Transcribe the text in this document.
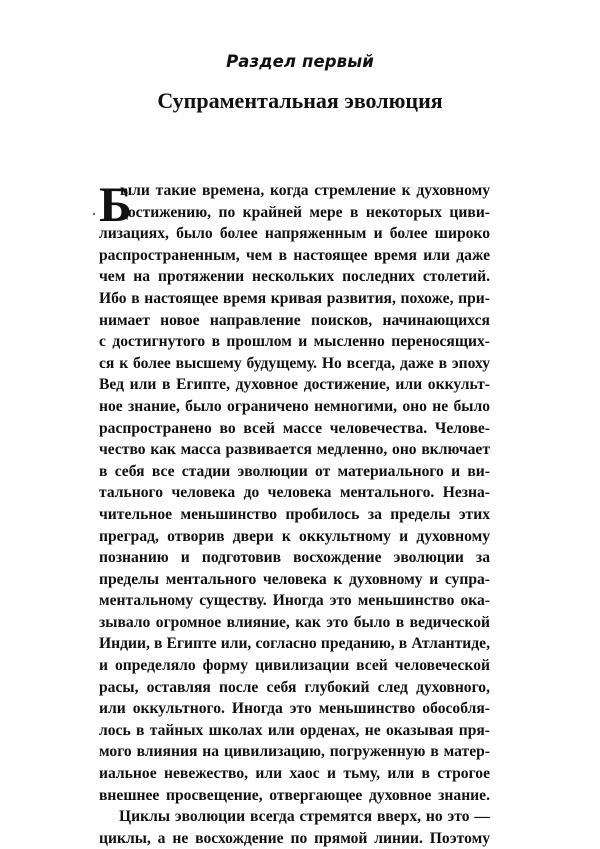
Раздел первый
Супраментальная эволюция
Б
ыли такие времена, когда стремление к духовному
достижению, по крайней мере в некоторых циви-
лизациях, было более напряженным и более широко
распространенным, чем в настоящее время или даже
чем на протяжении нескольких последних столетий.
Ибо в настоящее время кривая развития, похоже, при-
нимает новое направление поисков, начинающихся
с достигнутого в прошлом и мысленно переносящих-
ся к более высшему будущему. Но всегда, даже в эпоху
Вед или в Египте, духовное достижение, или оккульт-
ное знание, было ограничено немногими, оно не было
распространено во всей массе человечества. Челове-
чество как масса развивается медленно, оно включает
в себя все стадии эволюции от материального и ви-
тального человека до человека ментального. Незна-
чительное меньшинство пробилось за пределы этих
преград, отворив двери к оккультному и духовному
познанию и подготовив восхождение эволюции за
пределы ментального человека к духовному и супра-
ментальному существу. Иногда это меньшинство ока-
зывало огромное влияние, как это было в ведической
Индии, в Египте или, согласно преданию, в Атлантиде,
и определяло форму цивилизации всей человеческой
расы, оставляя после себя глубокий след духовного,
или оккультного. Иногда это меньшинство обособля-
лось в тайных школах или орденах, не оказывая пря-
мого влияния на цивилизацию, погруженную в матер-
иальное невежество, или хаос и тьму, или в строгое
внешнее просвещение, отвергающее духовное знание.
Циклы эволюции всегда стремятся вверх, но это —
циклы, а не восхождение по прямой линии. Поэтому
